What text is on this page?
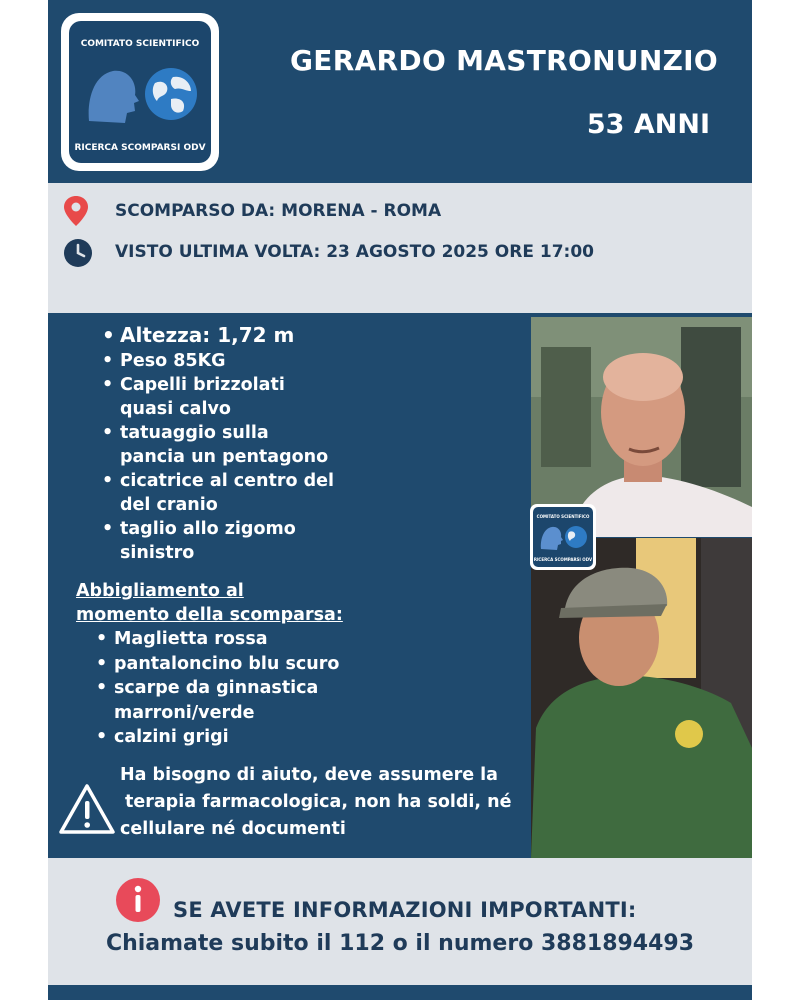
COMITATO SCIENTIFICO
RICERCA SCOMPARSI ODV
GERARDO MASTRONUNZIO
53 ANNI
SCOMPARSO DA: MORENA - ROMA
VISTO ULTIMA VOLTA: 23 AGOSTO 2025 ORE 17:00
• Altezza: 1,72 m
• Peso 85KG
• Capelli brizzolati
quasi calvo
• tatuaggio sulla
pancia un pentagono
• cicatrice al centro del
del cranio
• taglio allo zigomo
sinistro
Abbigliamento al
momento della scomparsa:
• Maglietta rossa
• pantaloncino blu scuro
• scarpe da ginnastica
marroni/verde
• calzini grigi
Ha bisogno di aiuto, deve assumere la
terapia farmacologica, non ha soldi, né
cellulare né documenti
COMITATO SCIENTIFICO
RICERCA SCOMPARSI ODV
SE AVETE INFORMAZIONI IMPORTANTI:
Chiamate subito il 112 o il numero 3881894493
